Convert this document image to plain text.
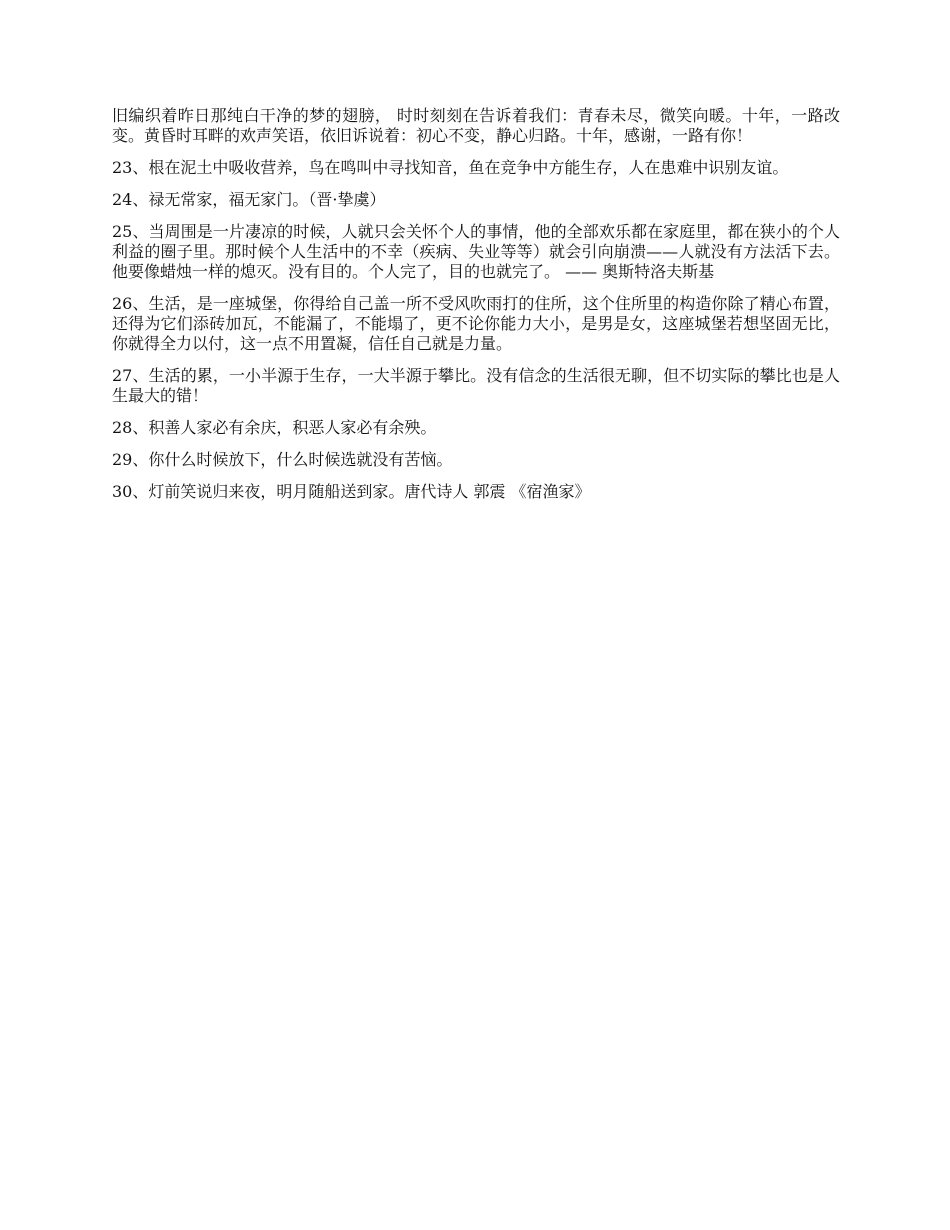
旧编织着昨日那纯白干净的梦的翅膀， 时时刻刻在告诉着我们：青春未尽，微笑向暖。十年，一路改变。黄昏时耳畔的欢声笑语，依旧诉说着：初心不变，静心归路。十年，感谢，一路有你！

23、根在泥土中吸收营养，鸟在鸣叫中寻找知音，鱼在竞争中方能生存，人在患难中识别友谊。

24、禄无常家，福无家门。（晋·挚虞）

25、当周围是一片凄凉的时候，人就只会关怀个人的事情，他的全部欢乐都在家庭里，都在狭小的个人利益的圈子里。那时候个人生活中的不幸（疾病、失业等等）就会引向崩溃——人就没有方法活下去。他要像蜡烛一样的熄灭。没有目的。个人完了，目的也就完了。 —— 奥斯特洛夫斯基

26、生活，是一座城堡，你得给自己盖一所不受风吹雨打的住所，这个住所里的构造你除了精心布置，还得为它们添砖加瓦，不能漏了，不能塌了，更不论你能力大小，是男是女，这座城堡若想坚固无比，你就得全力以付，这一点不用置凝，信任自己就是力量。

27、生活的累，一小半源于生存，一大半源于攀比。没有信念的生活很无聊，但不切实际的攀比也是人生最大的错！

28、积善人家必有余庆，积恶人家必有余殃。

29、你什么时候放下，什么时候选就没有苦恼。

30、灯前笑说归来夜，明月随船送到家。唐代诗人 郭震 《宿渔家》
